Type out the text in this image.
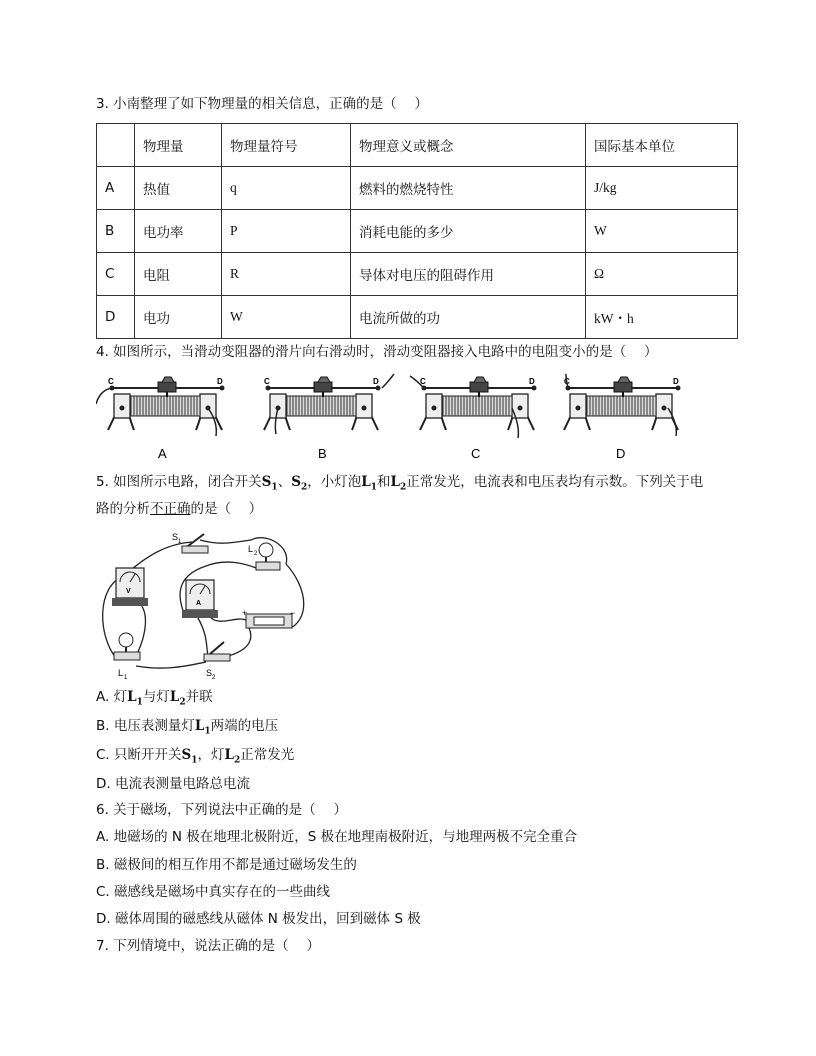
3. 小南整理了如下物理量的相关信息，正确的是（　 ）
	物理量	物理量符号	物理意义或概念	国际基本单位
A	热值	q	燃料的燃烧特性	J/kg
B	电功率	P	消耗电能的多少	W
C	电阻	R	导体对电压的阻碍作用	Ω
D	电功	W	电流所做的功	kW・h
4. 如图所示，当滑动变阻器的滑片向右滑动时，滑动变阻器接入电路中的电阻变小的是（　 ）
C	D
A
C	D
B
C	D
C
C	D
D
5. 如图所示电路，闭合开关$S_1$、$S_2$，小灯泡$L_1$和$L_2$正常发光，电流表和电压表均有示数。下列关于电
路的分析不正确的是（　 ）
V
A
S 1
L 2
+	−
L 1	S 2
A. 灯$L_1$与灯$L_2$并联
B. 电压表测量灯$L_1$两端的电压
C. 只断开开关$S_1$，灯$L_2$正常发光
D. 电流表测量电路总电流
6. 关于磁场，下列说法中正确的是（　 ）
A. 地磁场的 N 极在地理北极附近，S 极在地理南极附近，与地理两极不完全重合
B. 磁极间的相互作用不都是通过磁场发生的
C. 磁感线是磁场中真实存在的一些曲线
D. 磁体周围的磁感线从磁体 N 极发出，回到磁体 S 极
7. 下列情境中，说法正确的是（　 ）
